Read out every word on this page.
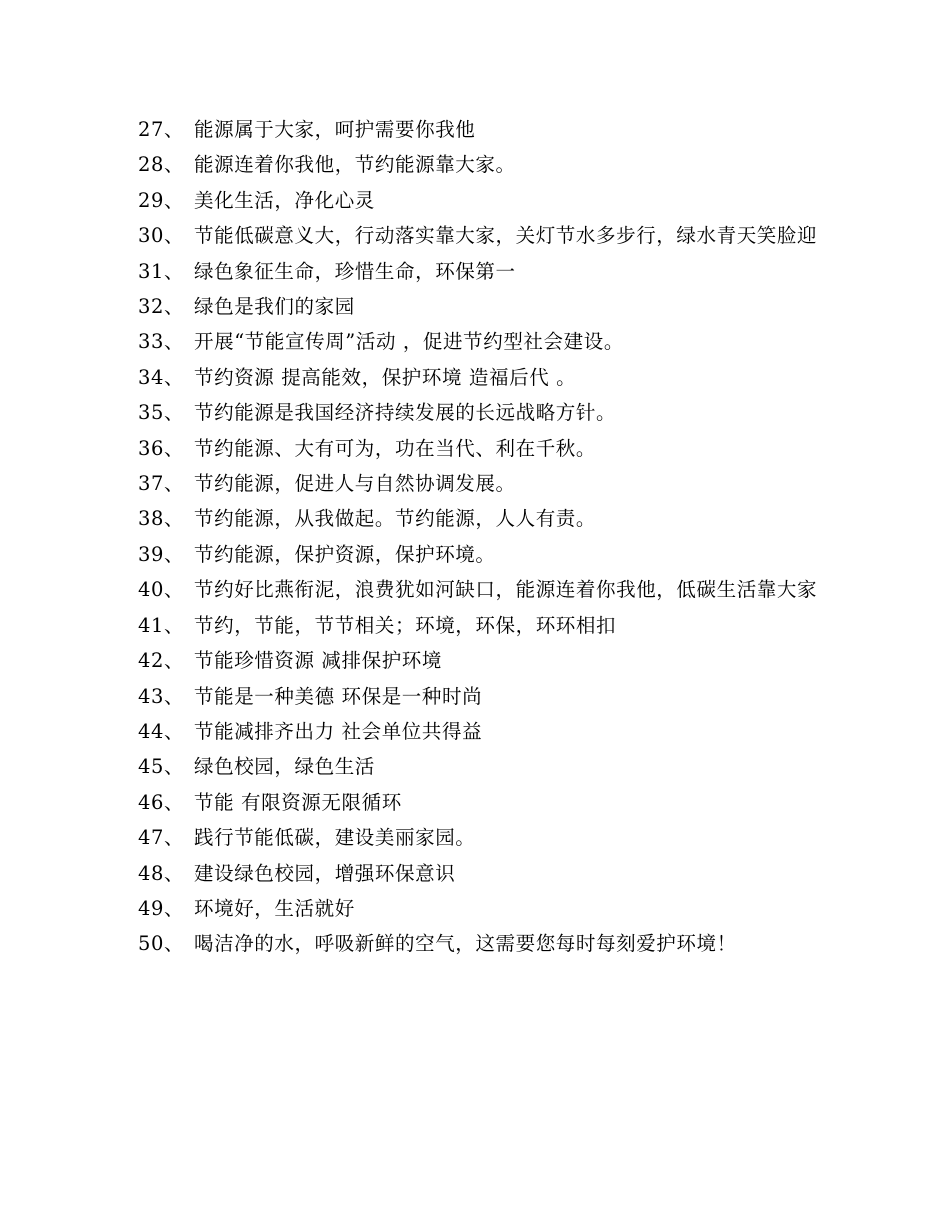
27、 能源属于大家，呵护需要你我他
28、 能源连着你我他，节约能源靠大家。
29、 美化生活，净化心灵
30、 节能低碳意义大，行动落实靠大家，关灯节水多步行，绿水青天笑脸迎
31、 绿色象征生命，珍惜生命，环保第一
32、 绿色是我们的家园
33、 开展“节能宣传周”活动 ，促进节约型社会建设。
34、 节约资源 提高能效，保护环境 造福后代 。
35、 节约能源是我国经济持续发展的长远战略方针。
36、 节约能源、大有可为，功在当代、利在千秋。
37、 节约能源，促进人与自然协调发展。
38、 节约能源，从我做起。节约能源，人人有责。
39、 节约能源，保护资源，保护环境。
40、 节约好比燕衔泥，浪费犹如河缺口，能源连着你我他，低碳生活靠大家
41、 节约，节能，节节相关；环境，环保，环环相扣
42、 节能珍惜资源 减排保护环境
43、 节能是一种美德 环保是一种时尚
44、 节能减排齐出力 社会单位共得益
45、 绿色校园，绿色生活
46、 节能 有限资源无限循环
47、 践行节能低碳，建设美丽家园。
48、 建设绿色校园，增强环保意识
49、 环境好，生活就好
50、 喝洁净的水，呼吸新鲜的空气，这需要您每时每刻爱护环境！
